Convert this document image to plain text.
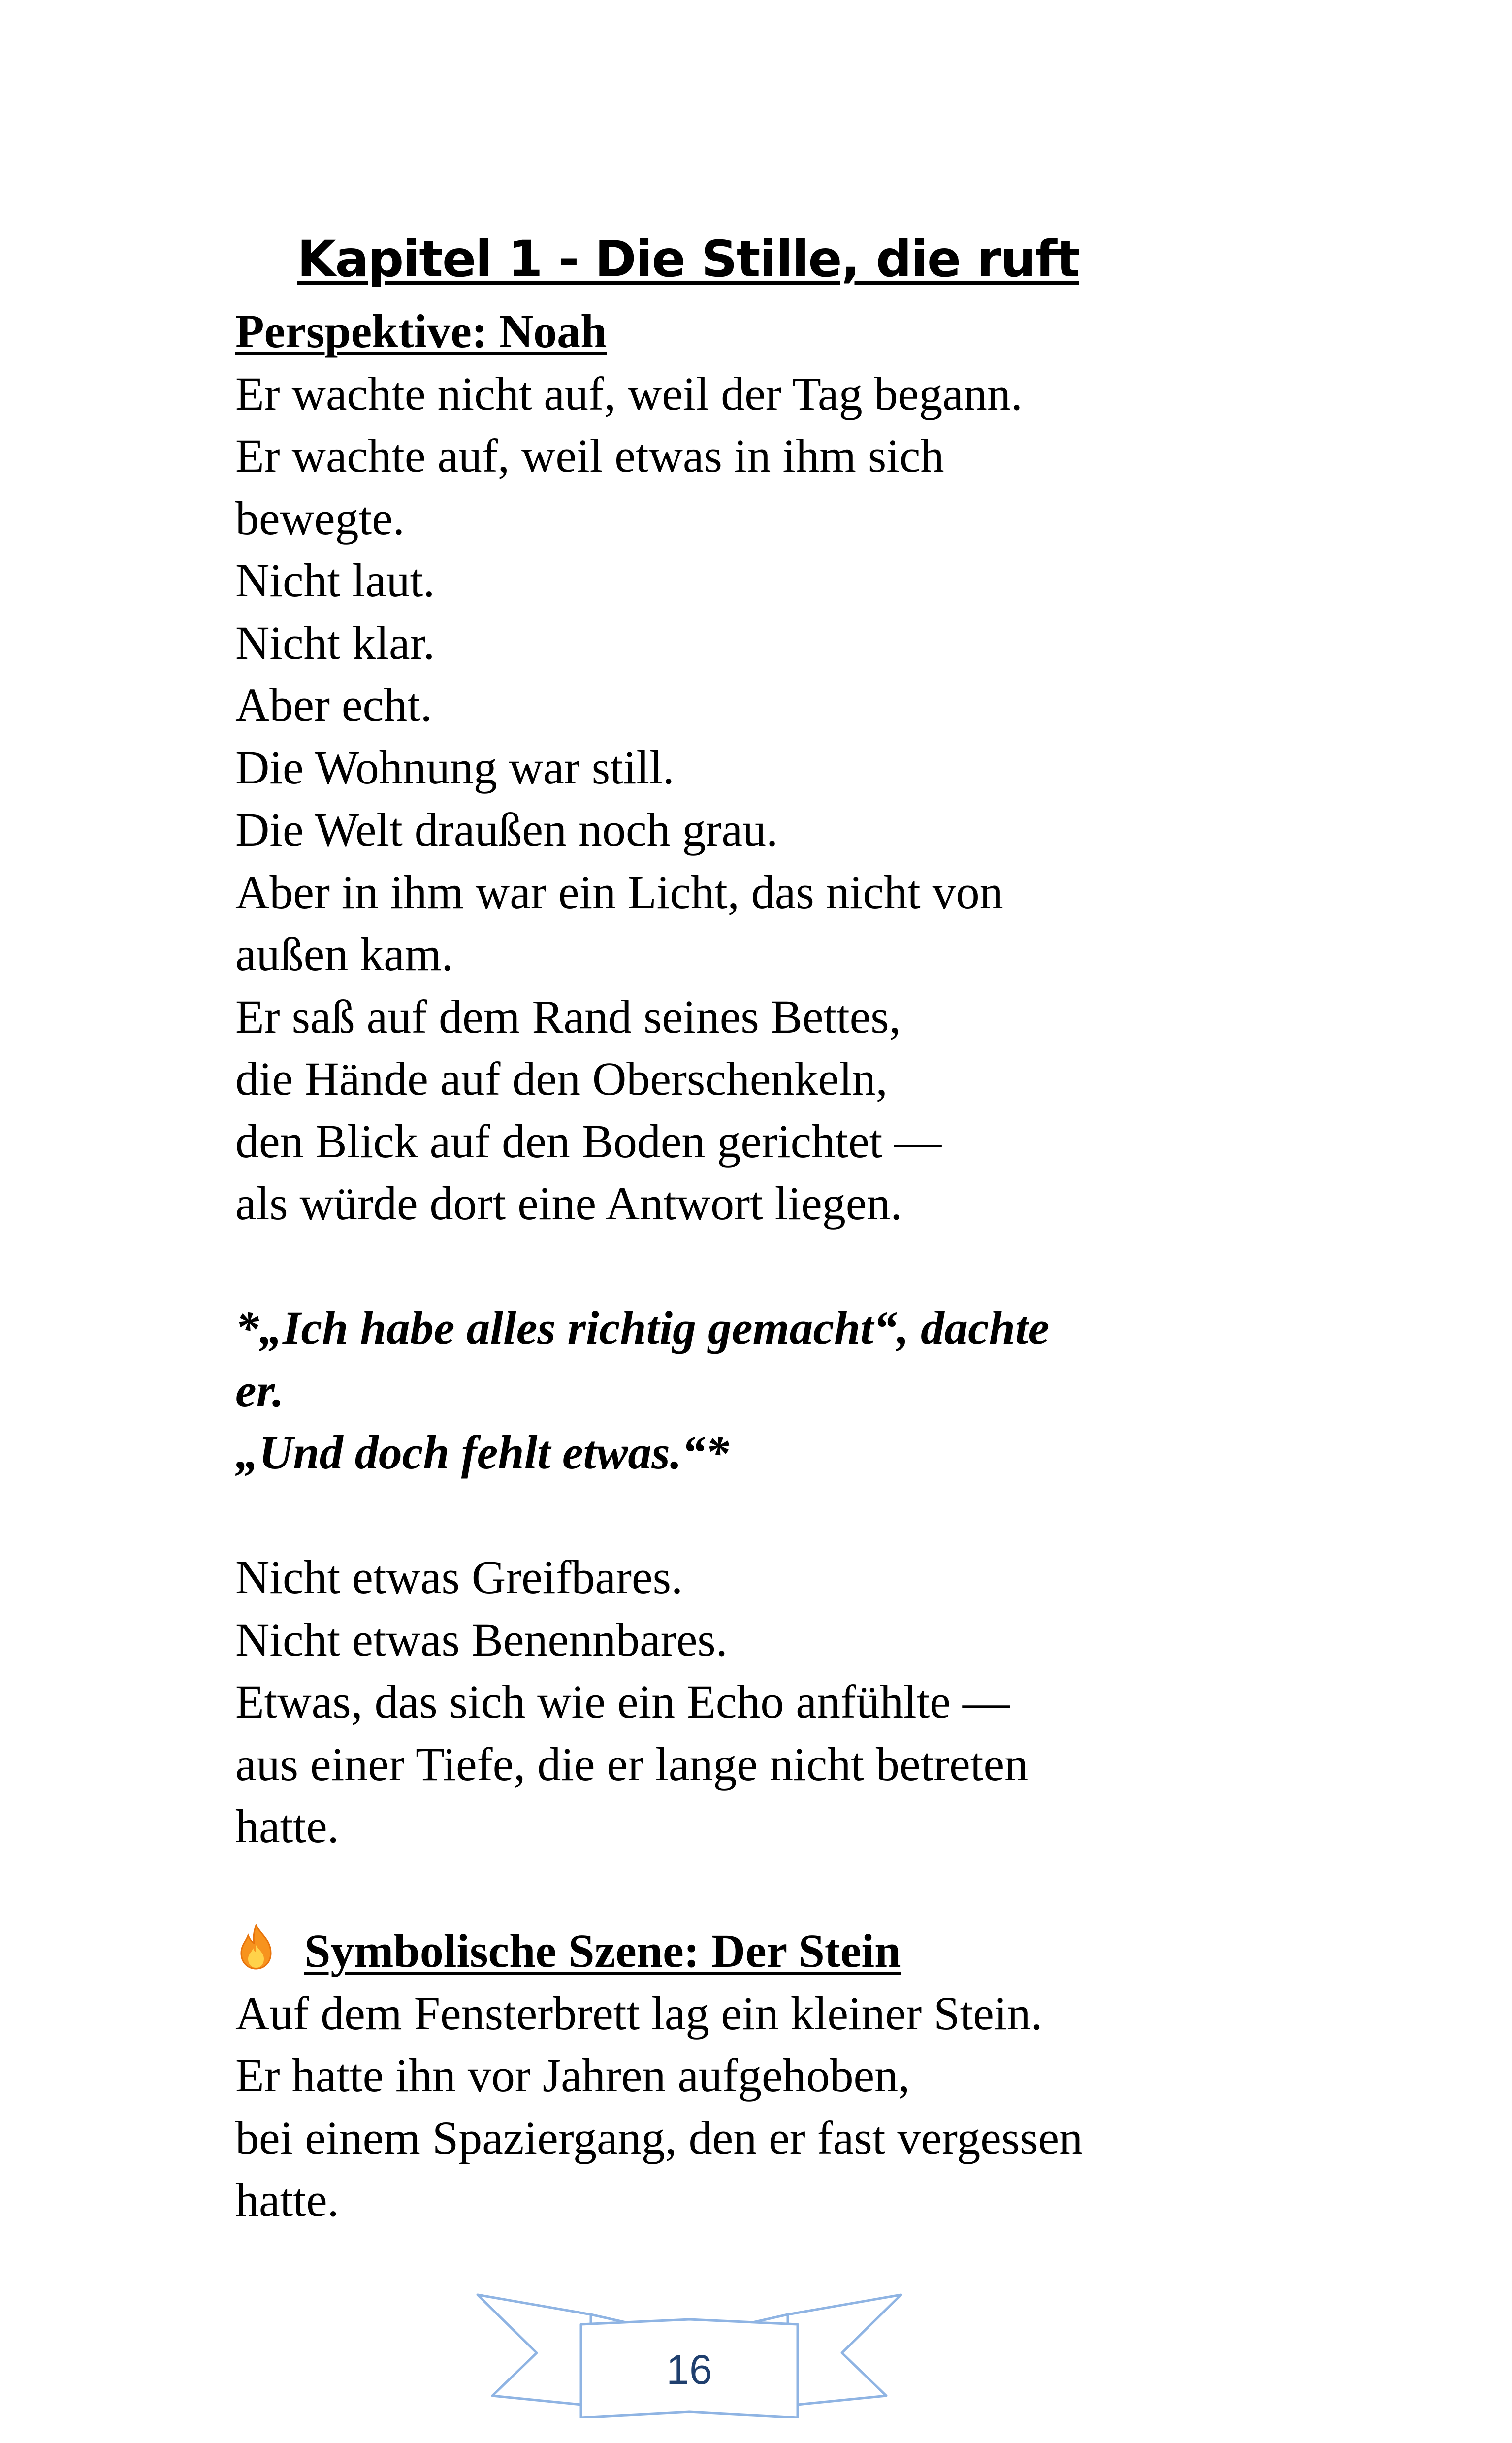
Kapitel 1 - Die Stille, die ruft
Perspektive: Noah
Er wachte nicht auf, weil der Tag begann.
Er wachte auf, weil etwas in ihm sich
bewegte.
Nicht laut.
Nicht klar.
Aber echt.
Die Wohnung war still.
Die Welt draußen noch grau.
Aber in ihm war ein Licht, das nicht von
außen kam.
Er saß auf dem Rand seines Bettes,
die Hände auf den Oberschenkeln,
den Blick auf den Boden gerichtet —
als würde dort eine Antwort liegen.
*„Ich habe alles richtig gemacht“, dachte
er.
„Und doch fehlt etwas.“*
Nicht etwas Greifbares.
Nicht etwas Benennbares.
Etwas, das sich wie ein Echo anfühlte —
aus einer Tiefe, die er lange nicht betreten
hatte.
Symbolische Szene: Der Stein
Auf dem Fensterbrett lag ein kleiner Stein.
Er hatte ihn vor Jahren aufgehoben,
bei einem Spaziergang, den er fast vergessen
hatte.
16
